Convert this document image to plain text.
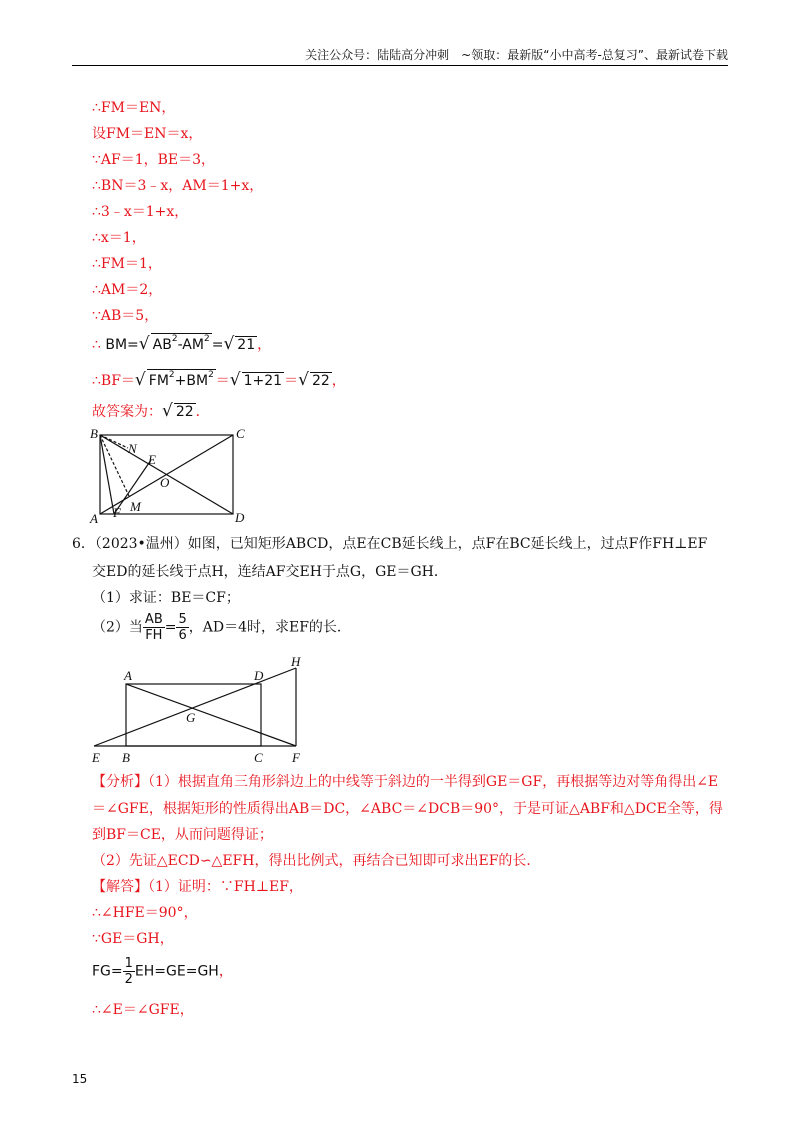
关注公众号：陆陆高分冲刺　~领取：最新版“小中高考-总复习”、最新试卷下载
∴FM＝EN，
设FM＝EN＝x，
∵AF＝1，BE＝3，
∴BN＝3﹣x，AM＝1+x，
∴3﹣x＝1+x，
∴x＝1，
∴FM＝1，
∴AM＝2，
∵AB＝5，
∴ BM=√ $AB^2-AM^2$ =√ 21 ，
∴BF＝√ $FM^2+BM^2$ ＝√ 1+21 ＝√ 22 ，
故答案为：√ 22 ．
B	C
N
E
O
M
A F	D
6．（2023•温州）如图，已知矩形ABCD，点E在CB延长线上，点F在BC延长线上，过点F作FH⊥EF
交ED的延长线于点H，连结AF交EH于点G，GE＝GH．
（1）求证：BE＝CF；
（2）当 $\frac{AB}{FH} = \frac{5}{6}$ ，AD＝4时，求EF的长．
A	D
H
G
E B	C F
【分析】（1）根据直角三角形斜边上的中线等于斜边的一半得到GE＝GF，再根据等边对等角得出∠E
＝∠GFE，根据矩形的性质得出AB＝DC，∠ABC＝∠DCB＝90°，于是可证△ABF和△DCE全等，得
到BF＝CE，从而问题得证；
（2）先证△ECD∽△EFH，得出比例式，再结合已知即可求出EF的长．
【解答】（1）证明：∵FH⊥EF，
∴∠HFE＝90°，
∵GE＝GH，
$FG= \frac{1}{2} EH=GE=GH$，
∴∠E＝∠GFE，
15
